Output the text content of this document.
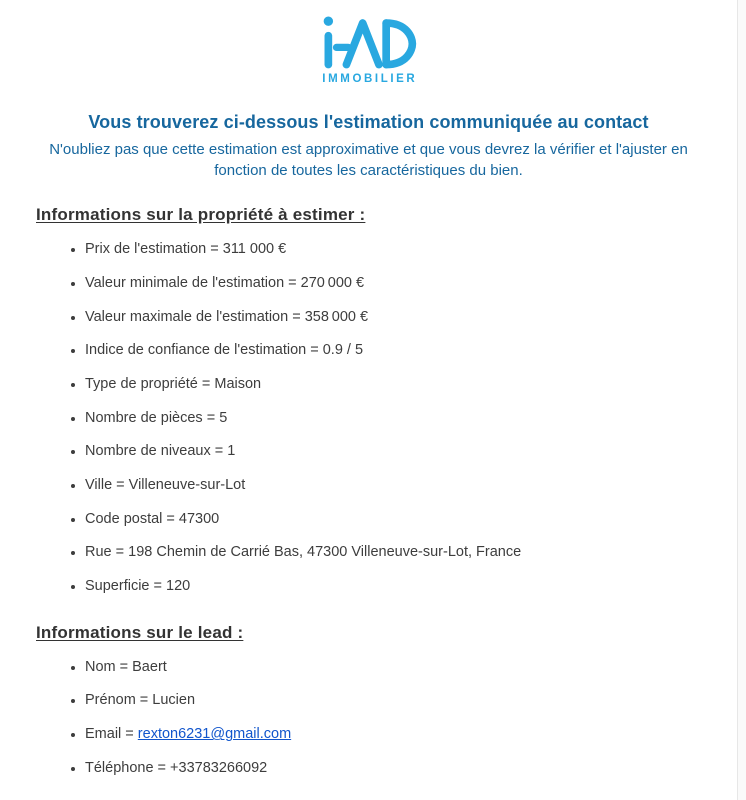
IMMOBILIER
Vous trouverez ci-dessous l'estimation communiquée au contact

N'oubliez pas que cette estimation est approximative et que vous devrez la vérifier et l'ajuster en fonction de toutes les caractéristiques du bien.

Informations sur la propriété à estimer :
• Prix de l'estimation = 311 000 €
• Valeur minimale de l'estimation = 270 000 €
• Valeur maximale de l'estimation = 358 000 €
• Indice de confiance de l'estimation = 0.9 / 5
• Type de propriété = Maison
• Nombre de pièces = 5
• Nombre de niveaux = 1
• Ville = Villeneuve-sur-Lot
• Code postal = 47300
• Rue = 198 Chemin de Carrié Bas, 47300 Villeneuve-sur-Lot, France
• Superficie = 120
Informations sur le lead :
• Nom = Baert
• Prénom = Lucien
• Email = rexton6231@gmail.com
• Téléphone = +33783266092
